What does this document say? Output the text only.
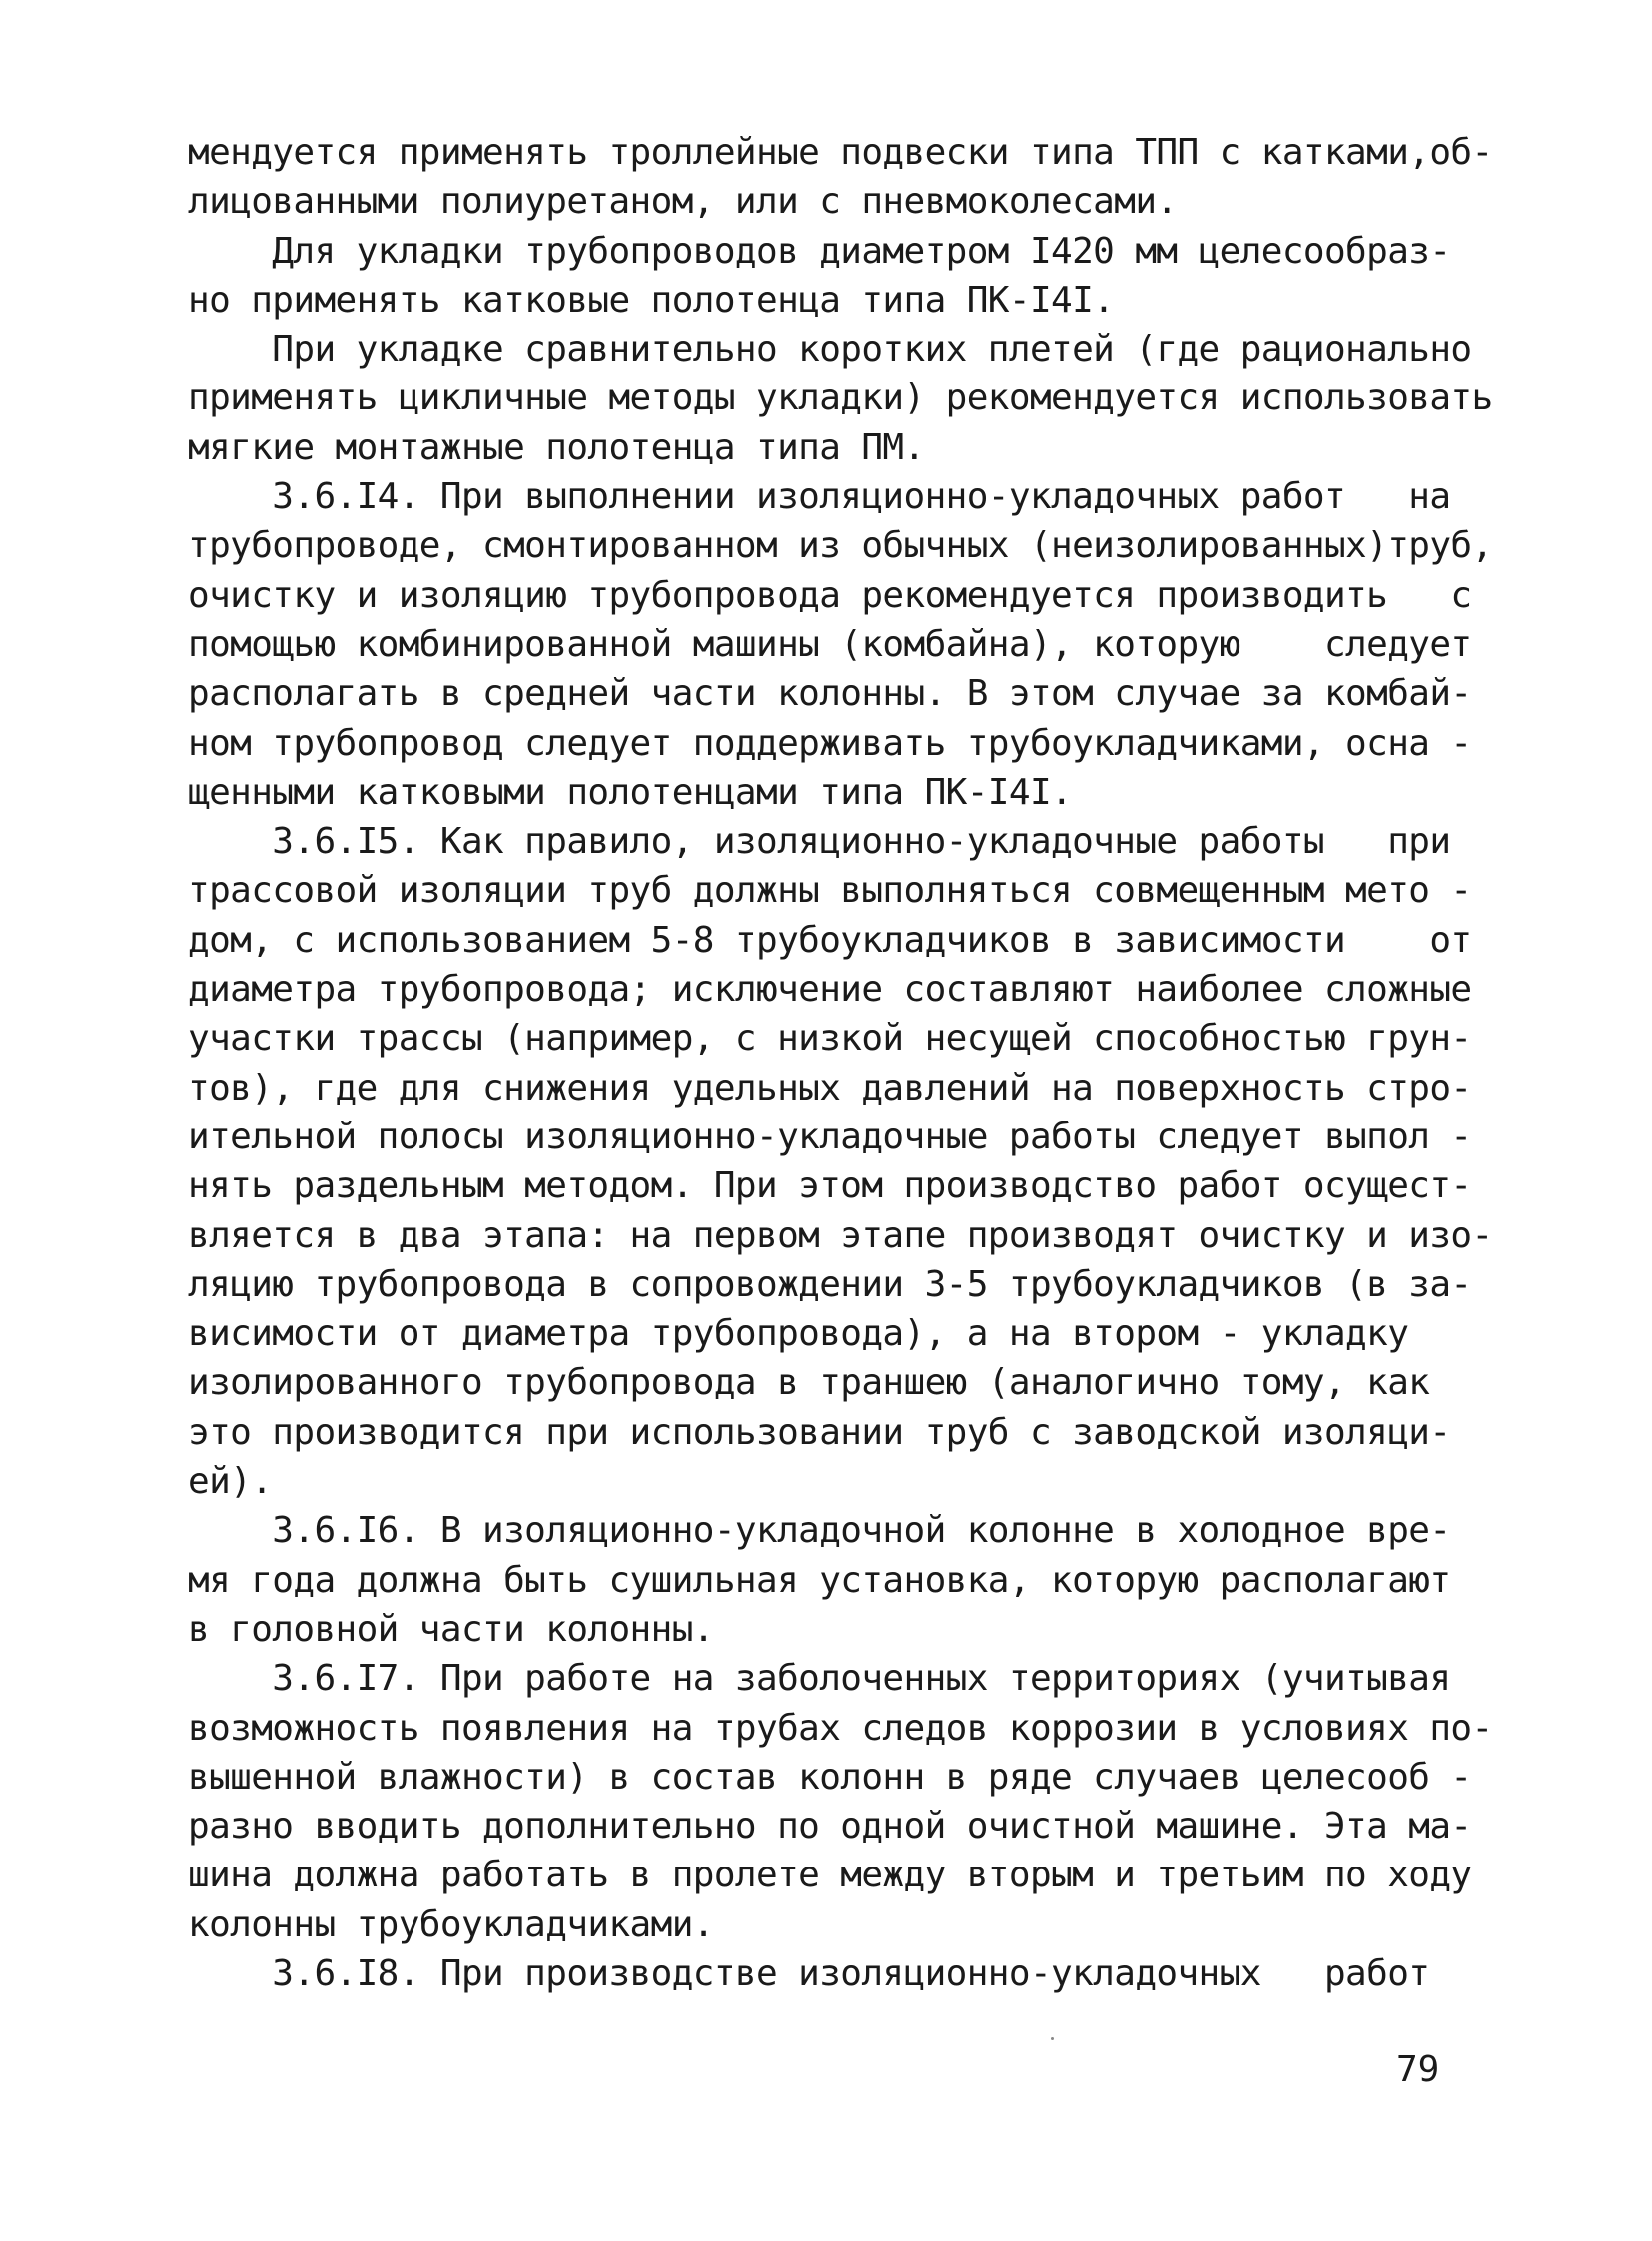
мендуется применять троллейные подвески типа ТПП с катками,об-
лицованными полиуретаном, или с пневмоколесами.
Для укладки трубопроводов диаметром I420 мм целесообраз-
но применять катковые полотенца типа ПК-I4I.
При укладке сравнительно коротких плетей (где рационально
применять цикличные методы укладки) рекомендуется использовать
мягкие монтажные полотенца типа ПМ.
3.6.I4. При выполнении изоляционно-укладочных работ   на
трубопроводе, смонтированном из обычных (неизолированных)труб,
очистку и изоляцию трубопровода рекомендуется производить   с
помощью комбинированной машины (комбайна), которую    следует
располагать в средней части колонны. В этом случае за комбай-
ном трубопровод следует поддерживать трубоукладчиками, осна -
щенными катковыми полотенцами типа ПК-I4I.
3.6.I5. Как правило, изоляционно-укладочные работы   при
трассовой изоляции труб должны выполняться совмещенным мето -
дом, с использованием 5-8 трубоукладчиков в зависимости    от
диаметра трубопровода; исключение составляют наиболее сложные
участки трассы (например, с низкой несущей способностью грун-
тов), где для снижения удельных давлений на поверхность стро-
ительной полосы изоляционно-укладочные работы следует выпол -
нять раздельным методом. При этом производство работ осущест-
вляется в два этапа: на первом этапе производят очистку и изо-
ляцию трубопровода в сопровождении 3-5 трубоукладчиков (в за-
висимости от диаметра трубопровода), а на втором - укладку
изолированного трубопровода в траншею (аналогично тому, как
это производится при использовании труб с заводской изоляци-
ей).
3.6.I6. В изоляционно-укладочной колонне в холодное вре-
мя года должна быть сушильная установка, которую располагают
в головной части колонны.
3.6.I7. При работе на заболоченных территориях (учитывая
возможность появления на трубах следов коррозии в условиях по-
вышенной влажности) в состав колонн в ряде случаев целесооб -
разно вводить дополнительно по одной очистной машине. Эта ма-
шина должна работать в пролете между вторым и третьим по ходу
колонны трубоукладчиками.
3.6.I8. При производстве изоляционно-укладочных   работ
79
